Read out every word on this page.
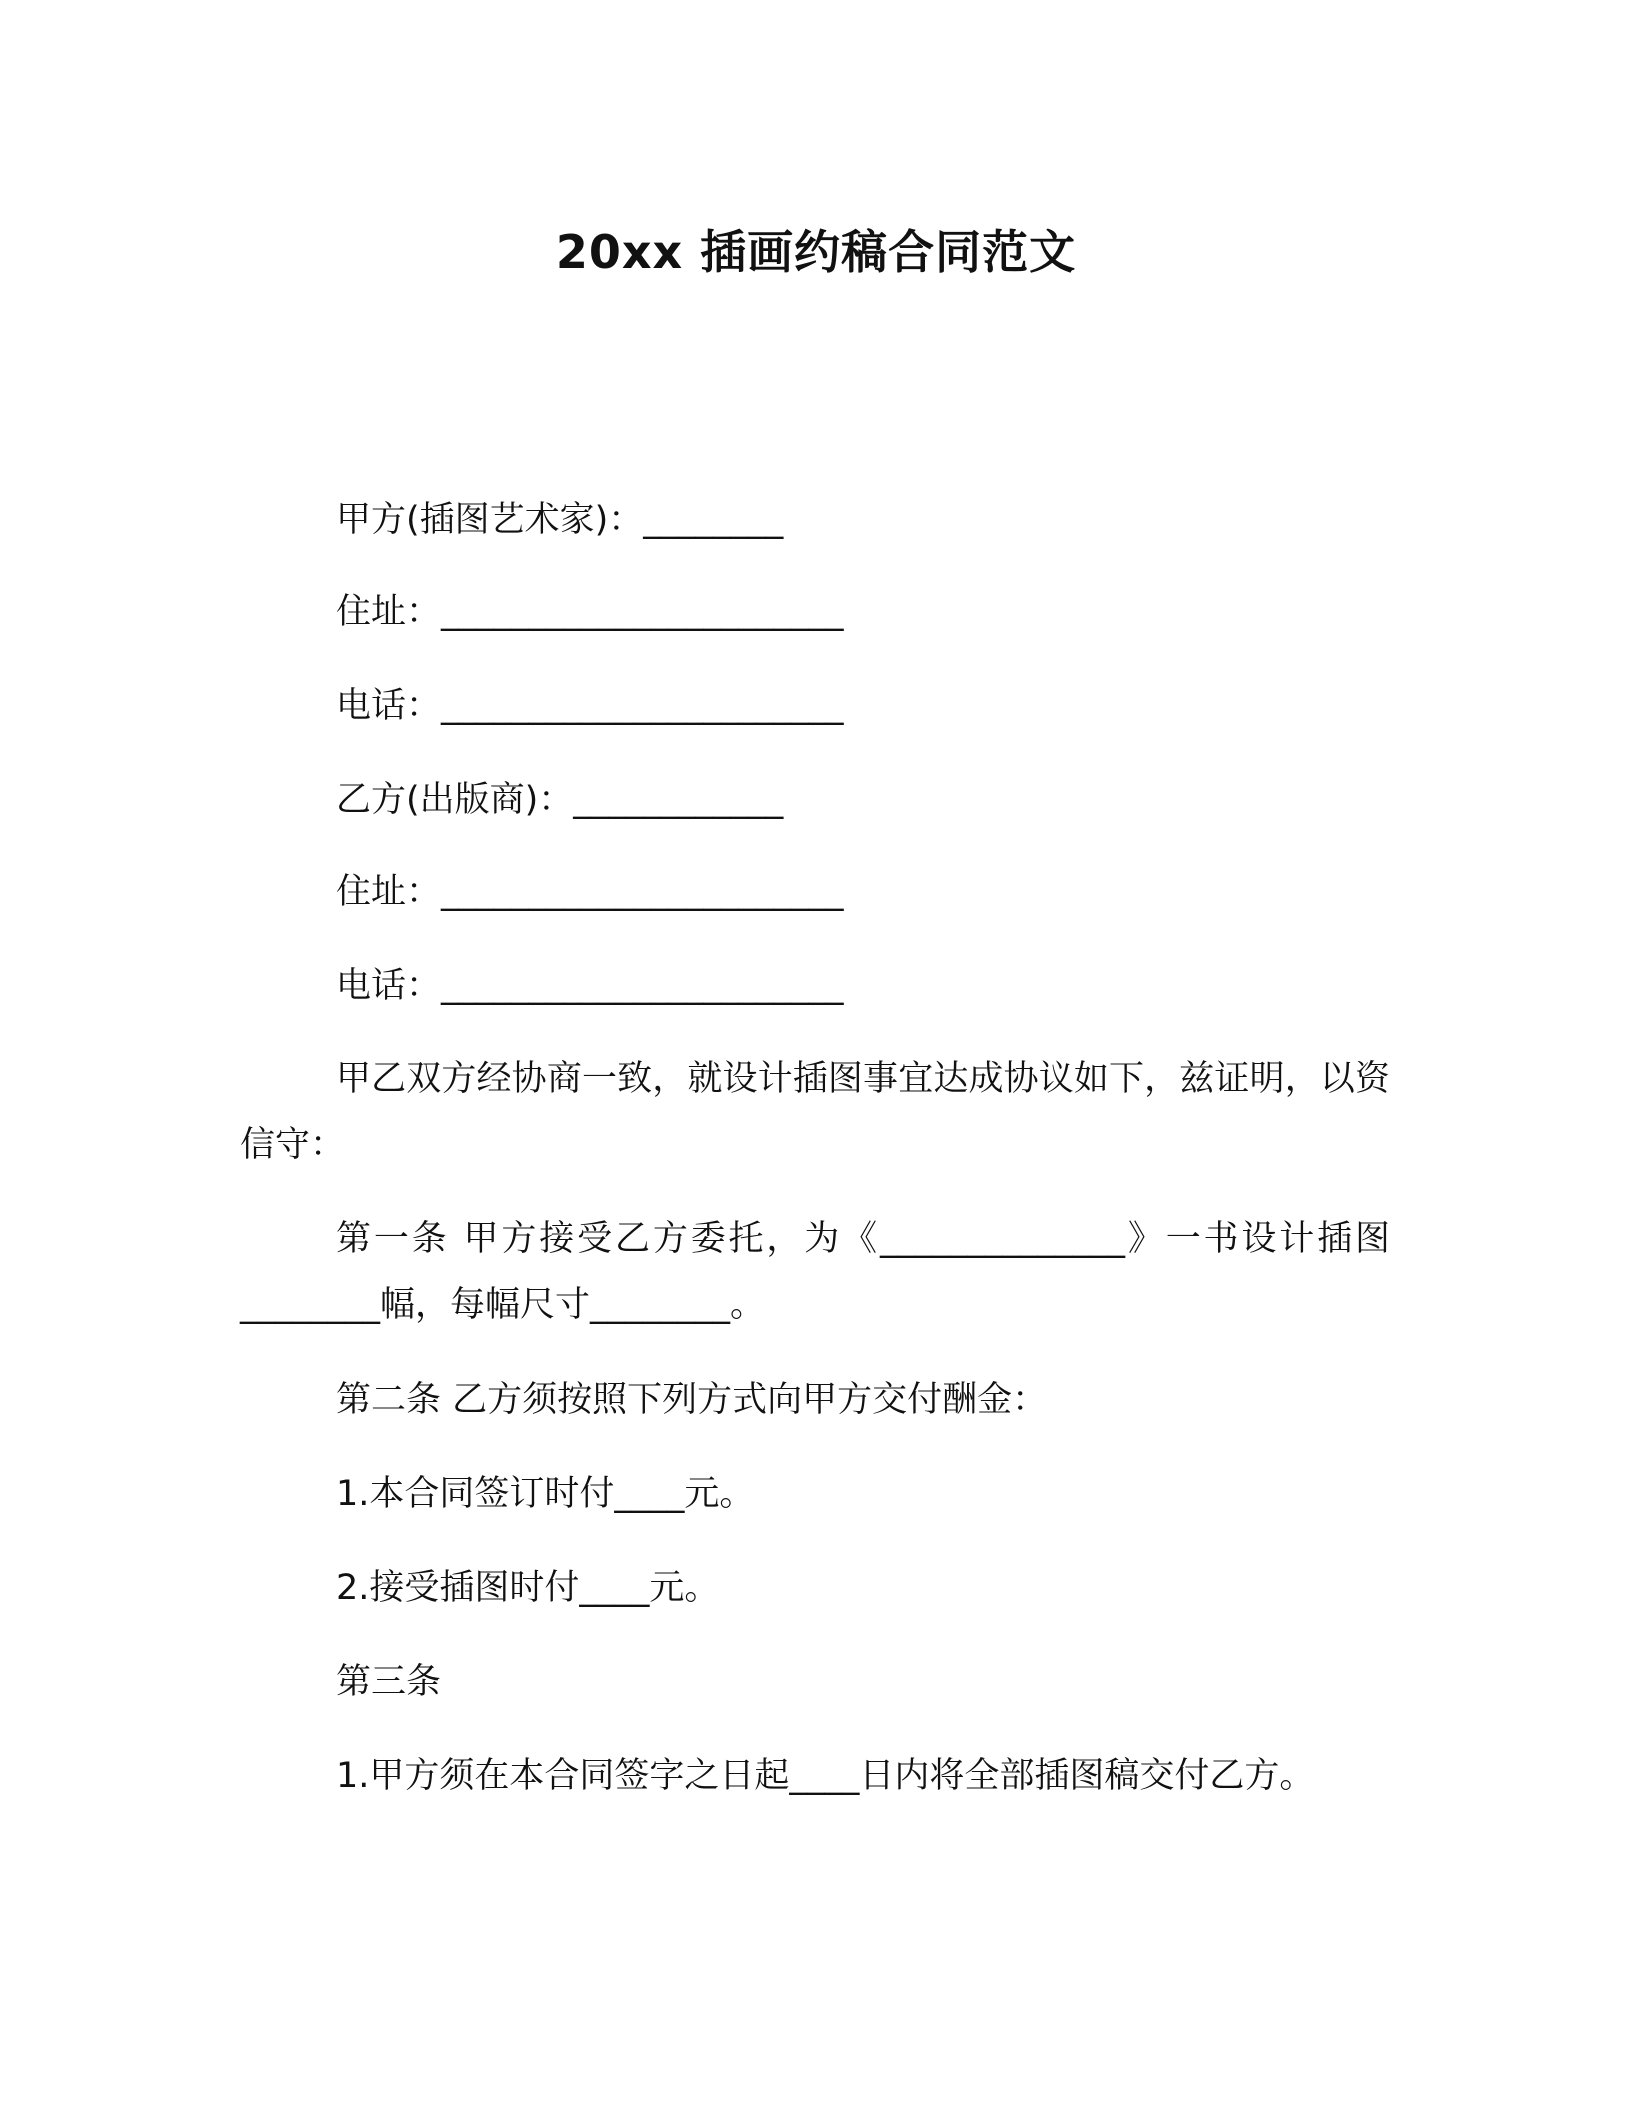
20xx 插画约稿合同范文
甲方(插图艺术家)：________
住址：_______________________
电话：_______________________
乙方(出版商)：____________
住址：_______________________
电话：_______________________
甲乙双方经协商一致，就设计插图事宜达成协议如下，兹证明，以资信守：
第一条 甲方接受乙方委托，为《______________》一书设计插图________幅，每幅尺寸________。
第二条 乙方须按照下列方式向甲方交付酬金：
1.本合同签订时付____元。
2.接受插图时付____元。
第三条
1.甲方须在本合同签字之日起____日内将全部插图稿交付乙方。
